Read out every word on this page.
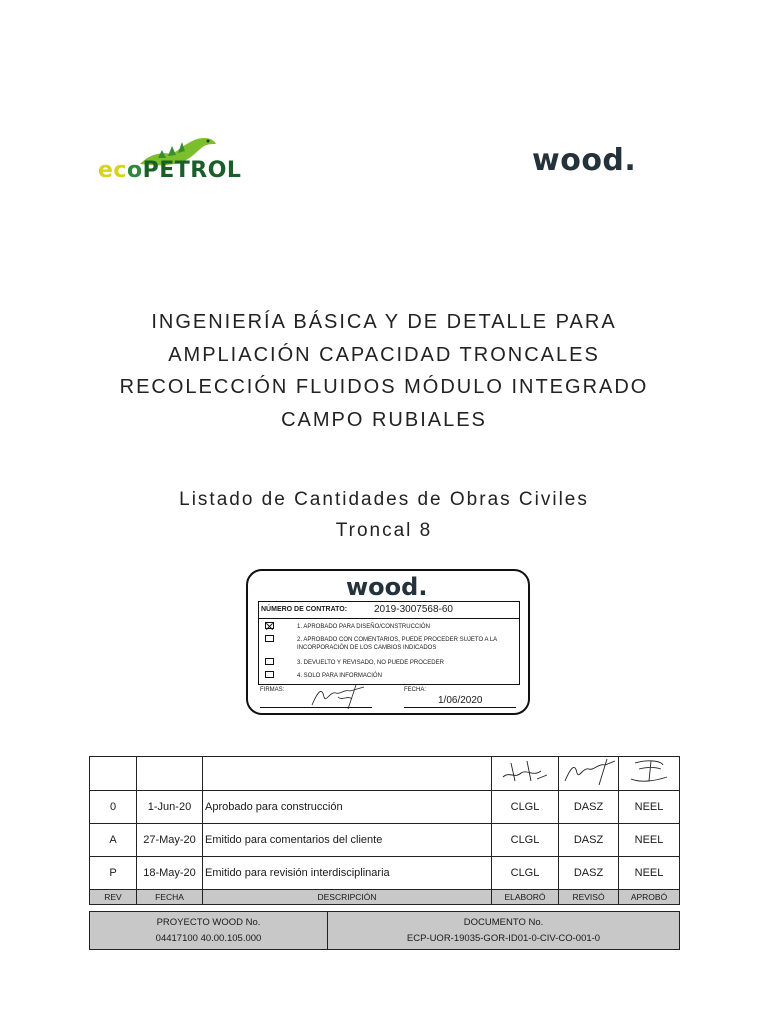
ecoPETROL	wood.
INGENIERÍA BÁSICA Y DE DETALLE PARA
AMPLIACIÓN CAPACIDAD TRONCALES
RECOLECCIÓN FLUIDOS MÓDULO INTEGRADO
CAMPO RUBIALES
Listado de Cantidades de Obras Civiles
Troncal 8
wood.
NÚMERO DE CONTRATO:	2019-3007568-60
1. APROBADO PARA DISEÑO/CONSTRUCCIÓN
2. APROBADO CON COMENTARIOS, PUEDE PROCEDER SUJETO A LA INCORPORACIÓN DE LOS CAMBIOS INDICADOS
3. DEVUELTO Y REVISADO, NO PUEDE PROCEDER
4. SOLO PARA INFORMACIÓN
FIRMAS:	FECHA:
1/06/2020

0	1-Jun-20	Aprobado para construcción	CLGL	DASZ	NEEL
A	27-May-20	Emitido para comentarios del cliente	CLGL	DASZ	NEEL
P	18-May-20	Emitido para revisión interdisciplinaria	CLGL	DASZ	NEEL
REV	FECHA	DESCRIPCIÓN	ELABORÓ	REVISÓ	APROBÓ
PROYECTO WOOD No.
04417100 40.00.105.000

DOCUMENTO No.
ECP-UOR-19035-GOR-ID01-0-CIV-CO-001-0
